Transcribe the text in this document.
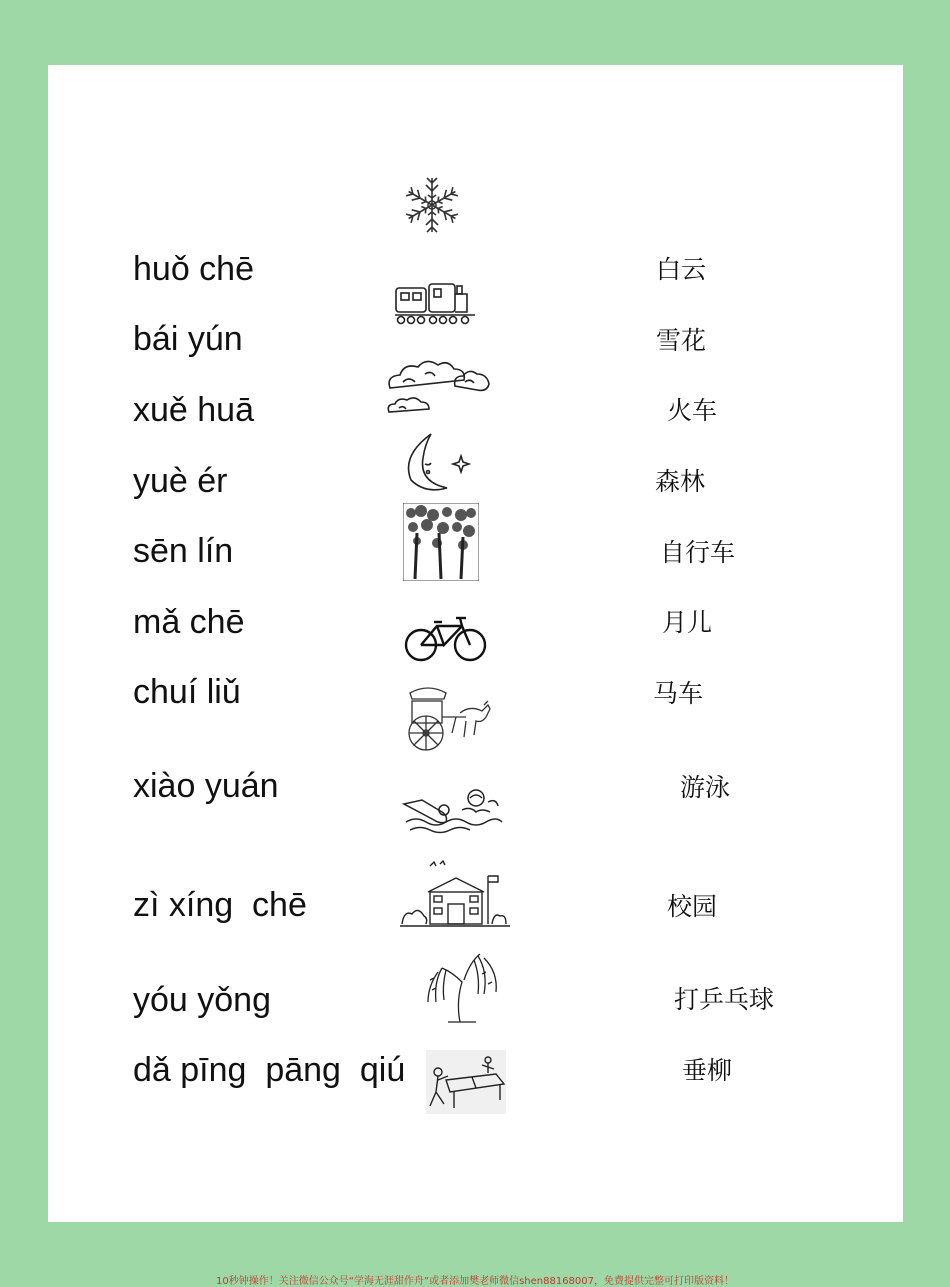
huǒ chē
bái yún
xuě huā
yuè ér
sēn lín
mǎ chē
chuí liǔ
xiào yuán
zì xíng  chē
yóu yǒng
dǎ pīng  pāng  qiú
白云
雪花
火车
森林
自行车
月儿
马车
游泳
校园
打乒乓球
垂柳
10秒钟操作！关注微信公众号“学海无涯甜作舟”或者添加樊老师微信shen88168007，免费提供完整可打印版资料！
